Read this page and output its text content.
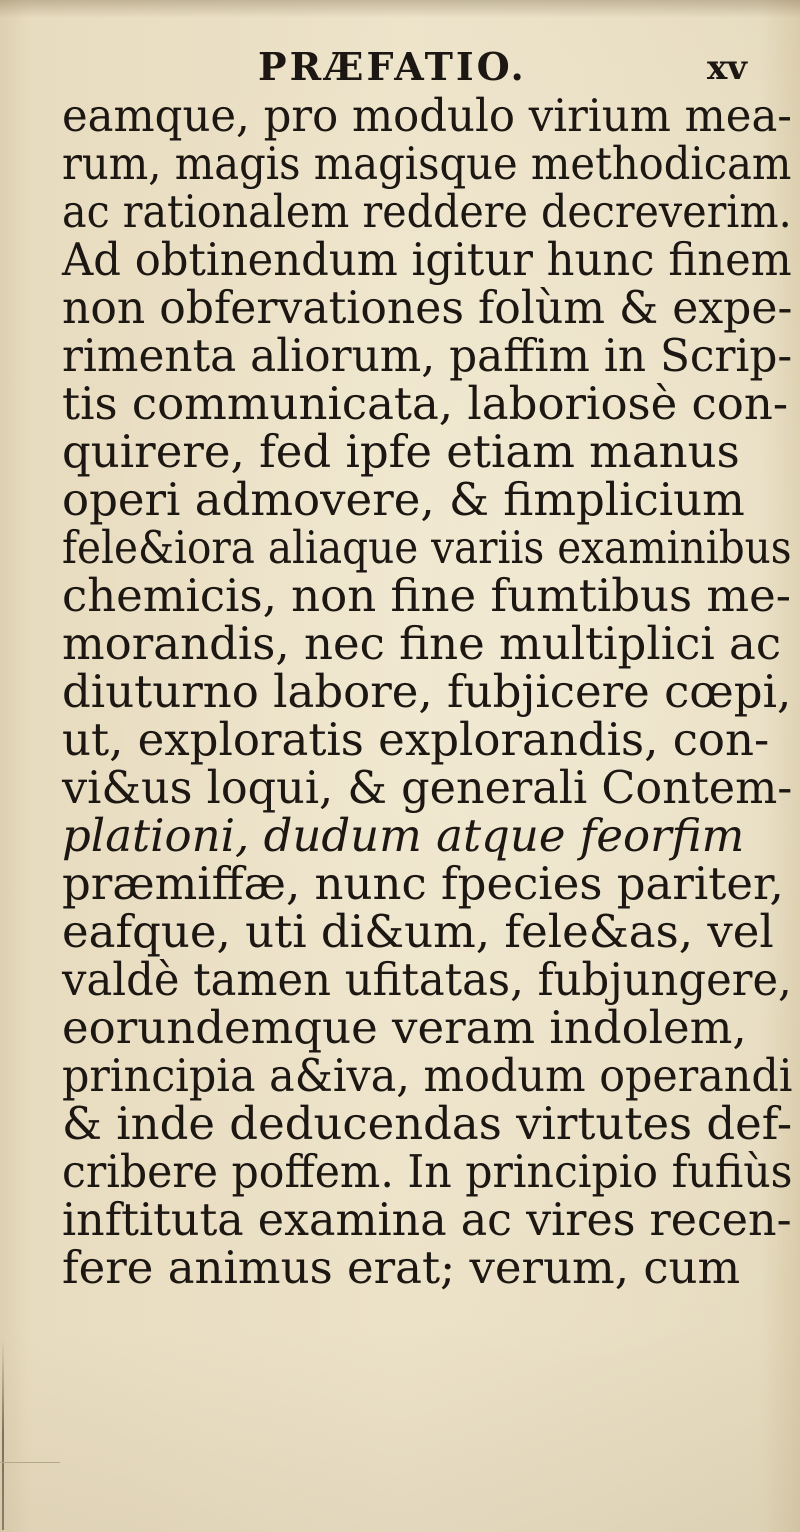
PRÆFATIO.	xv
eamque, pro modulo virium mea-
rum, magis magisque methodicam
ac rationalem reddere decreverim.
Ad obtinendum igitur hunc finem
non obfervationes folùm & expe-
rimenta aliorum, paffim in Scrip-
tis communicata, laboriosè con-
quirere, fed ipfe etiam manus
operi admovere, & fimplicium
fele&iora aliaque variis examinibus
chemicis, non fine fumtibus me-
morandis, nec fine multiplici ac
diuturno labore, fubjicere cœpi,
ut, exploratis explorandis, con-
vi&us loqui, & generali Contem-
plationi, dudum atque feorfim
præmiffæ, nunc fpecies pariter,
eafque, uti di&um, fele&as, vel
valdè tamen ufitatas, fubjungere,
eorundemque veram indolem,
principia a&iva, modum operandi
& inde deducendas virtutes def-
cribere poffem. In principio fufiùs
inftituta examina ac vires recen-
fere animus erat; verum, cum
